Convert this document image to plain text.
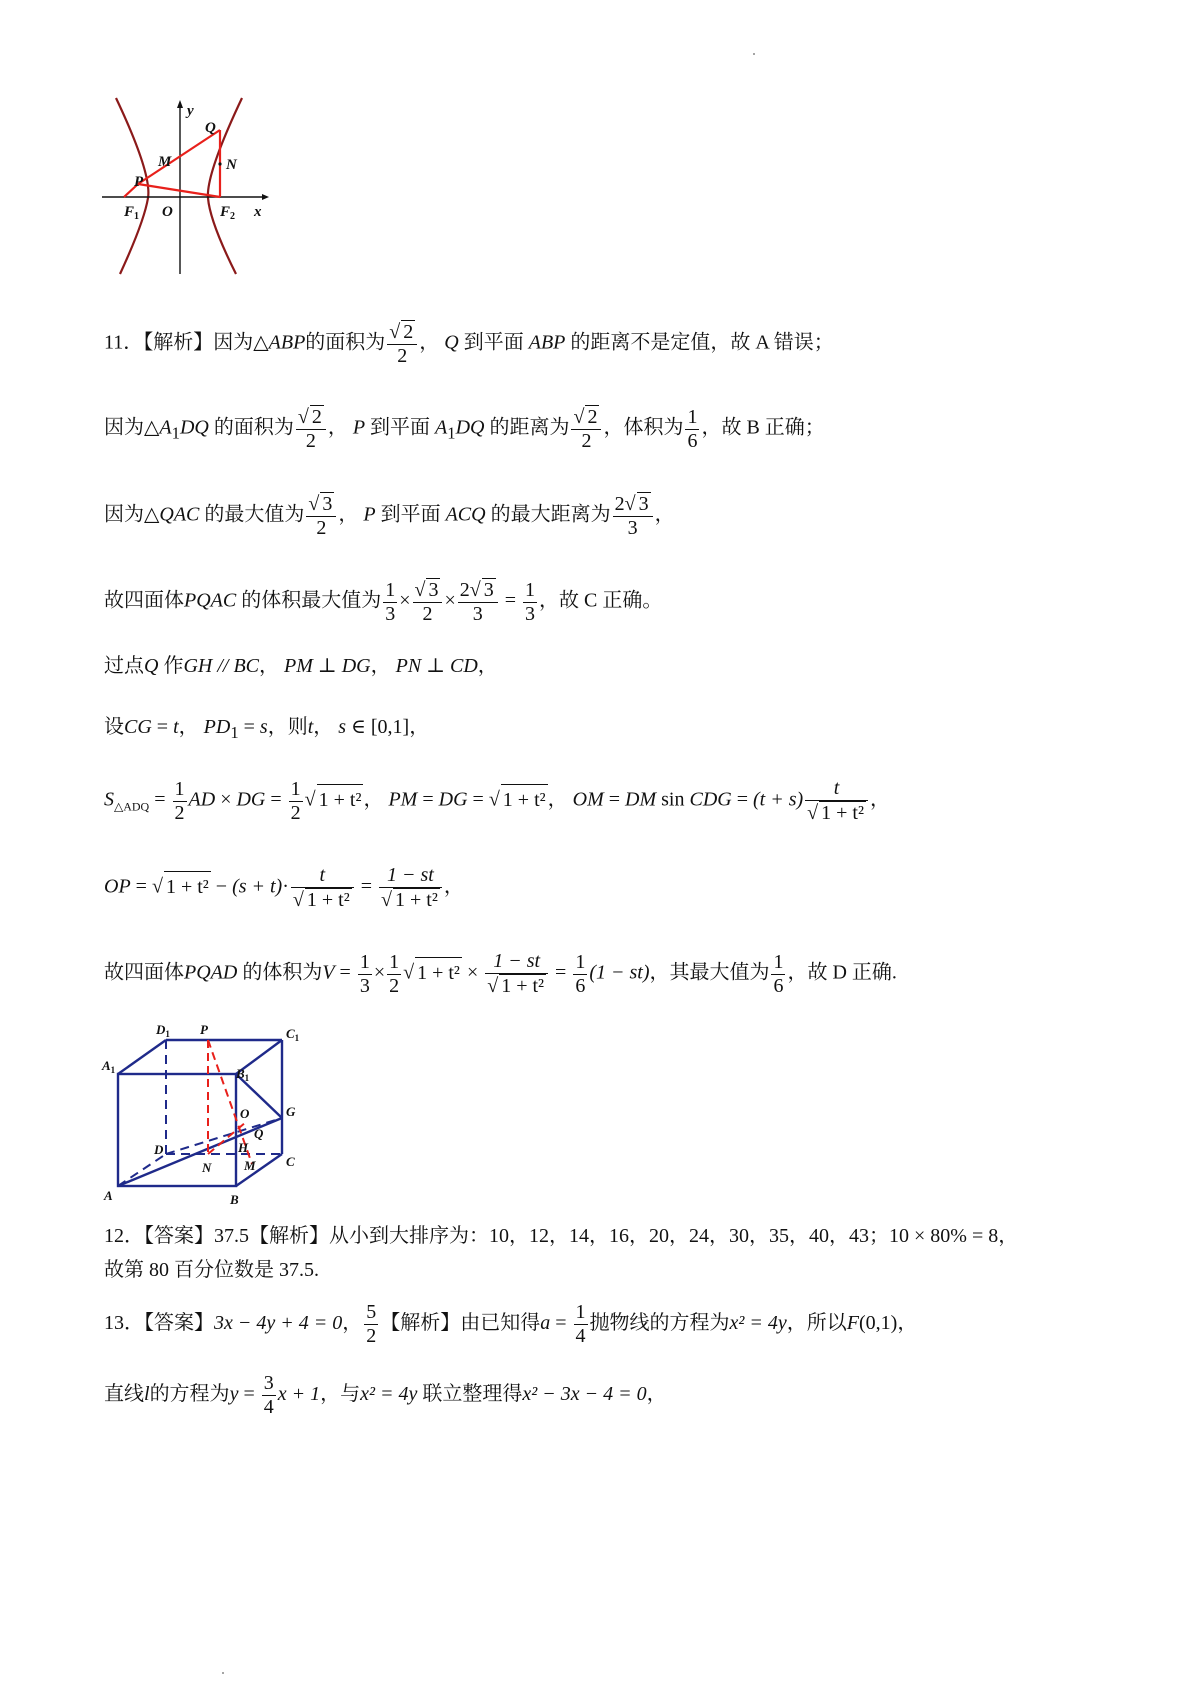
y
Q
M	N
P
x
O
$F_1$	$F_2$
11．【解析】因为△ABP的面积为 $\frac{√ 2}{2}$ ， Q 到平面 ABP 的距离不是定值，故 A 错误；
因为$\triangle A_1DQ$ 的面积为 $\frac{√ 2}{2}$ ， P 到平面 $A_1DQ$ 的距离为 $\frac{√ 2}{2}$ ，体积为 $\frac{1}{6}$ ，故 B 正确；
因为△QAC 的最大值为 $\frac{√ 3}{2}$ ， P 到平面 ACQ 的最大距离为 $\frac{2√ 3}{3}$ ，
故四面体PQAC 的体积最大值为 $\frac{1}{3} \times \frac{√ 3}{2} \times \frac{2√ 3}{3} = \frac{1}{3}$ ，故 C 正确。
过点Q 作GH // BC， PM ⊥ DG， PN ⊥ CD，
设CG = t， $PD_1 = s$，则t， s ∈ [0,1]，
$S_{\triangle ADQ} = \frac{1}{2}$ AD × DG = $\frac{1}{2}$ √ 1 + t² ， PM = DG = √ 1 + t² ， OM = DM sin CDG = $(t + s) \frac{t}{\text{√ 1 + t²}}$ ，
OP = √ $1 + t^2 - (s + t)\cdot \frac{t}{\text{√ 1 + t²}} = \frac{1 - st}{\text{√ 1 + t²}}$ ，
故四面体PQAD 的体积为$V = \frac{1}{3} \times \frac{1}{2}$ √ $1 + t^2 \times \frac{1 - st}{\text{√ 1 + t²}} = \frac{1}{6} (1 - st)$，其最大值为 $\frac{1}{6}$ ，故 D 正确.
$D_1$ P	$C_1$
$A_1$	$B_1$
G
O
Q
D	H
N	M C
A	B
12．【答案】37.5【解析】从小到大排序为：10，12，14，16，20，24，30，35，40，43；10 × 80% = 8，
故第 80 百分位数是 37.5.
13．【答案】3x − 4y + 4 = 0， $\frac{5}{2}$ 【解析】由已知得$a = \frac{1}{4}$ 抛物线的方程为x² = 4y，所以F(0,1)，
直线l的方程为$y = \frac{3}{4}$ x + 1，与x² = 4y 联立整理得x² − 3x − 4 = 0，
